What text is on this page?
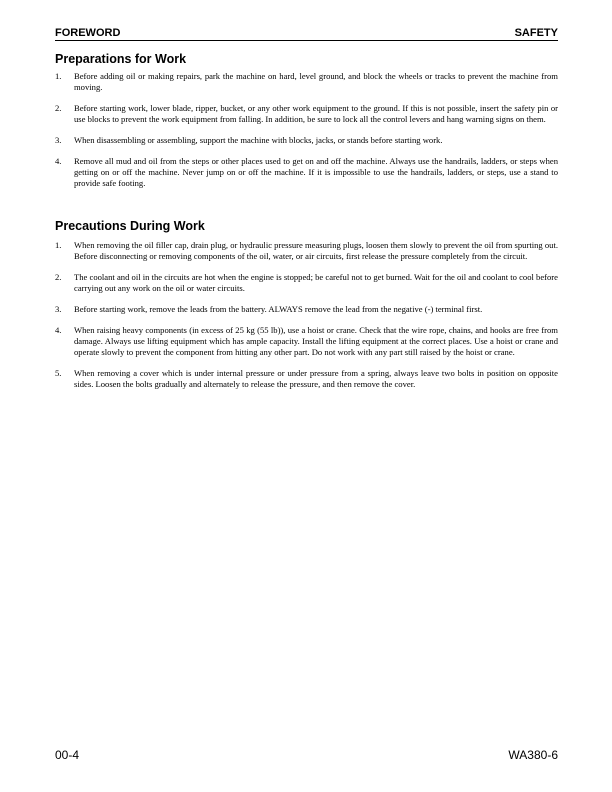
FOREWORD	SAFETY
Preparations for Work
1. Before adding oil or making repairs, park the machine on hard, level ground, and block the wheels or tracks to prevent the machine from moving.
2. Before starting work, lower blade, ripper, bucket, or any other work equipment to the ground. If this is not possible, insert the safety pin or use blocks to prevent the work equipment from falling. In addition, be sure to lock all the control levers and hang warning signs on them.
3. When disassembling or assembling, support the machine with blocks, jacks, or stands before starting work.
4. Remove all mud and oil from the steps or other places used to get on and off the machine. Always use the handrails, ladders, or steps when getting on or off the machine. Never jump on or off the machine. If it is impossible to use the handrails, ladders, or steps, use a stand to provide safe footing.
Precautions During Work
1. When removing the oil filler cap, drain plug, or hydraulic pressure measuring plugs, loosen them slowly to prevent the oil from spurting out. Before disconnecting or removing components of the oil, water, or air circuits, first release the pressure completely from the circuit.
2. The coolant and oil in the circuits are hot when the engine is stopped; be careful not to get burned. Wait for the oil and coolant to cool before carrying out any work on the oil or water circuits.
3. Before starting work, remove the leads from the battery. ALWAYS remove the lead from the negative (-) terminal first.
4. When raising heavy components (in excess of 25 kg (55 lb)), use a hoist or crane. Check that the wire rope, chains, and hooks are free from damage. Always use lifting equipment which has ample capacity. Install the lifting equipment at the correct places. Use a hoist or crane and operate slowly to prevent the component from hitting any other part. Do not work with any part still raised by the hoist or crane.
5. When removing a cover which is under internal pressure or under pressure from a spring, always leave two bolts in position on opposite sides. Loosen the bolts gradually and alternately to release the pressure, and then remove the cover.
00-4	WA380-6
